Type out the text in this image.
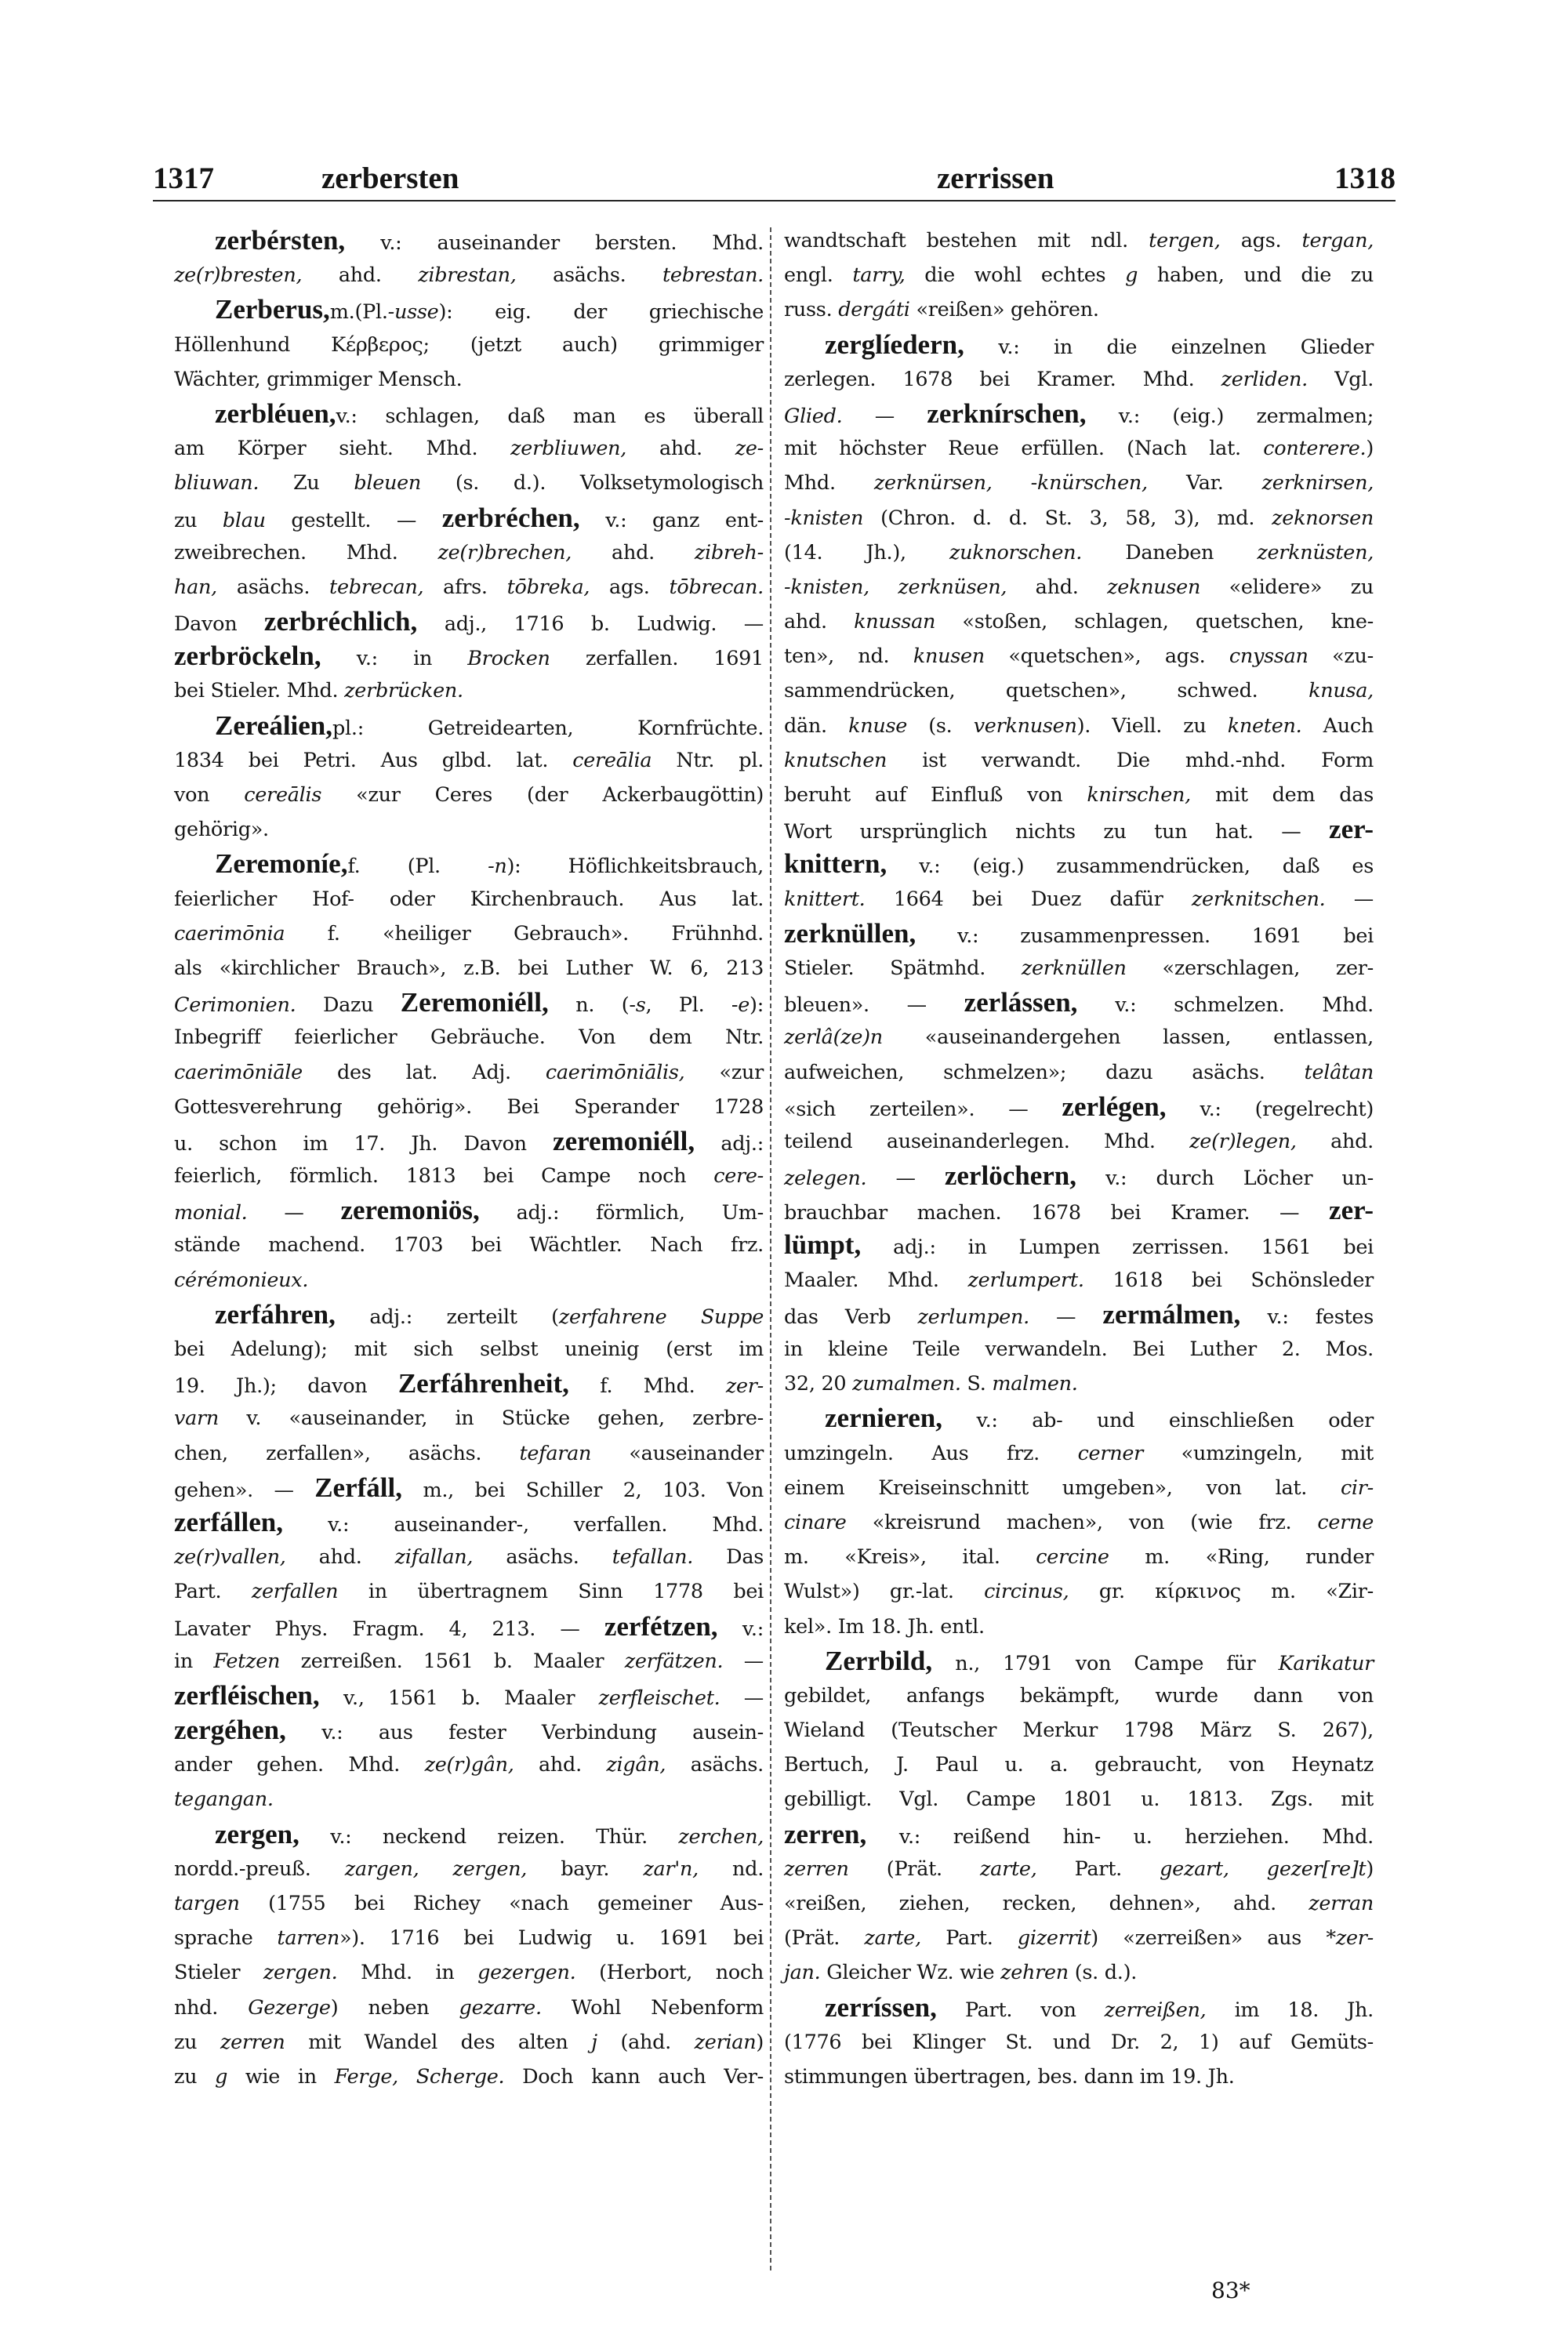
1317	zerbersten	zerrissen	1318
zerbérsten, v.: auseinander bersten. Mhd.
ze(r)bresten, ahd. zibrestan, asächs. tebrestan.
Zerberus,m.(Pl.-usse): eig. der griechische
Höllenhund Κέρβερος; (jetzt auch) grimmiger
Wächter, grimmiger Mensch.
zerbléuen,v.: schlagen, daß man es überall
am Körper sieht. Mhd. zerbliuwen, ahd. ze-
bliuwan. Zu bleuen (s. d.). Volksetymologisch
zu blau gestellt. — zerbréchen, v.: ganz ent-
zweibrechen. Mhd. ze(r)brechen, ahd. zibreh-
han, asächs. tebrecan, afrs. tōbreka, ags. tōbrecan.
Davon zerbréchlich, adj., 1716 b. Ludwig. —
zerbröckeln, v.: in Brocken zerfallen. 1691
bei Stieler. Mhd. zerbrücken.
Zereálien,pl.: Getreidearten, Kornfrüchte.
1834 bei Petri. Aus glbd. lat. cereālia Ntr. pl.
von cereālis «zur Ceres (der Ackerbaugöttin)
gehörig».
Zeremoníe,f. (Pl. -n): Höflichkeitsbrauch,
feierlicher Hof- oder Kirchenbrauch. Aus lat.
caerimōnia f. «heiliger Gebrauch». Frühnhd.
als «kirchlicher Brauch», z.B. bei Luther W. 6, 213
Cerimonien. Dazu Zeremoniéll, n. (-s, Pl. -e):
Inbegriff feierlicher Gebräuche. Von dem Ntr.
caerimōniāle des lat. Adj. caerimōniālis, «zur
Gottesverehrung gehörig». Bei Sperander 1728
u. schon im 17. Jh. Davon zeremoniéll, adj.:
feierlich, förmlich. 1813 bei Campe noch cere-
monial. — zeremoniös, adj.: förmlich, Um-
stände machend. 1703 bei Wächtler. Nach frz.
cérémonieux.
zerfáhren, adj.: zerteilt (zerfahrene Suppe
bei Adelung); mit sich selbst uneinig (erst im
19. Jh.); davon Zerfáhrenheit, f. Mhd. zer-
varn v. «auseinander, in Stücke gehen, zerbre-
chen, zerfallen», asächs. tefaran «auseinander
gehen». — Zerfáll, m., bei Schiller 2, 103. Von
zerfállen, v.: auseinander-, verfallen. Mhd.
ze(r)vallen, ahd. zifallan, asächs. tefallan. Das
Part. zerfallen in übertragnem Sinn 1778 bei
Lavater Phys. Fragm. 4, 213. — zerfétzen, v.:
in Fetzen zerreißen. 1561 b. Maaler zerfätzen. —
zerfléischen, v., 1561 b. Maaler zerfleischet. —
zergéhen, v.: aus fester Verbindung ausein-
ander gehen. Mhd. ze(r)gân, ahd. zigân, asächs.
tegangan.
zergen, v.: neckend reizen. Thür. zerchen,
nordd.-preuß. zargen, zergen, bayr. zar'n, nd.
targen (1755 bei Richey «nach gemeiner Aus-
sprache tarren»). 1716 bei Ludwig u. 1691 bei
Stieler zergen. Mhd. in gezergen. (Herbort, noch
nhd. Gezerge) neben gezarre. Wohl Nebenform
zu zerren mit Wandel des alten j (ahd. zerian)
zu g wie in Ferge, Scherge. Doch kann auch Ver-
wandtschaft bestehen mit ndl. tergen, ags. tergan,
engl. tarry, die wohl echtes g haben, und die zu
russ. dergáti «reißen» gehören.
zerglíedern, v.: in die einzelnen Glieder
zerlegen. 1678 bei Kramer. Mhd. zerliden. Vgl.
Glied. — zerknírschen, v.: (eig.) zermalmen;
mit höchster Reue erfüllen. (Nach lat. conterere.)
Mhd. zerknürsen, -knürschen, Var. zerknirsen,
-knisten (Chron. d. d. St. 3, 58, 3), md. zeknorsen
(14. Jh.), zuknorschen. Daneben zerknüsten,
-knisten, zerknüsen, ahd. zeknusen «elidere» zu
ahd. knussan «stoßen, schlagen, quetschen, kne-
ten», nd. knusen «quetschen», ags. cnyssan «zu-
sammendrücken, quetschen», schwed. knusa,
dän. knuse (s. verknusen). Viell. zu kneten. Auch
knutschen ist verwandt. Die mhd.-nhd. Form
beruht auf Einfluß von knirschen, mit dem das
Wort ursprünglich nichts zu tun hat. — zer-
knittern, v.: (eig.) zusammendrücken, daß es
knittert. 1664 bei Duez dafür zerknitschen. —
zerknüllen, v.: zusammenpressen. 1691 bei
Stieler. Spätmhd. zerknüllen «zerschlagen, zer-
bleuen». — zerlássen, v.: schmelzen. Mhd.
zerlâ(ze)n «auseinandergehen lassen, entlassen,
aufweichen, schmelzen»; dazu asächs. telâtan
«sich zerteilen». — zerlégen, v.: (regelrecht)
teilend auseinanderlegen. Mhd. ze(r)legen, ahd.
zelegen. — zerlöchern, v.: durch Löcher un-
brauchbar machen. 1678 bei Kramer. — zer-
lümpt, adj.: in Lumpen zerrissen. 1561 bei
Maaler. Mhd. zerlumpert. 1618 bei Schönsleder
das Verb zerlumpen. — zermálmen, v.: festes
in kleine Teile verwandeln. Bei Luther 2. Mos.
32, 20 zumalmen. S. malmen.
zernieren, v.: ab- und einschließen oder
umzingeln. Aus frz. cerner «umzingeln, mit
einem Kreiseinschnitt umgeben», von lat. cir-
cinare «kreisrund machen», von (wie frz. cerne
m. «Kreis», ital. cercine m. «Ring, runder
Wulst») gr.-lat. circinus, gr. κίρκινος m. «Zir-
kel». Im 18. Jh. entl.
Zerrbild, n., 1791 von Campe für Karikatur
gebildet, anfangs bekämpft, wurde dann von
Wieland (Teutscher Merkur 1798 März S. 267),
Bertuch, J. Paul u. a. gebraucht, von Heynatz
gebilligt. Vgl. Campe 1801 u. 1813. Zgs. mit
zerren, v.: reißend hin- u. herziehen. Mhd.
zerren (Prät. zarte, Part. gezart, gezer[re]t)
«reißen, ziehen, recken, dehnen», ahd. zerran
(Prät. zarte, Part. gizerrit) «zerreißen» aus *zer-
jan. Gleicher Wz. wie zehren (s. d.).
zerríssen, Part. von zerreißen, im 18. Jh.
(1776 bei Klinger St. und Dr. 2, 1) auf Gemüts-
stimmungen übertragen, bes. dann im 19. Jh.
83*
